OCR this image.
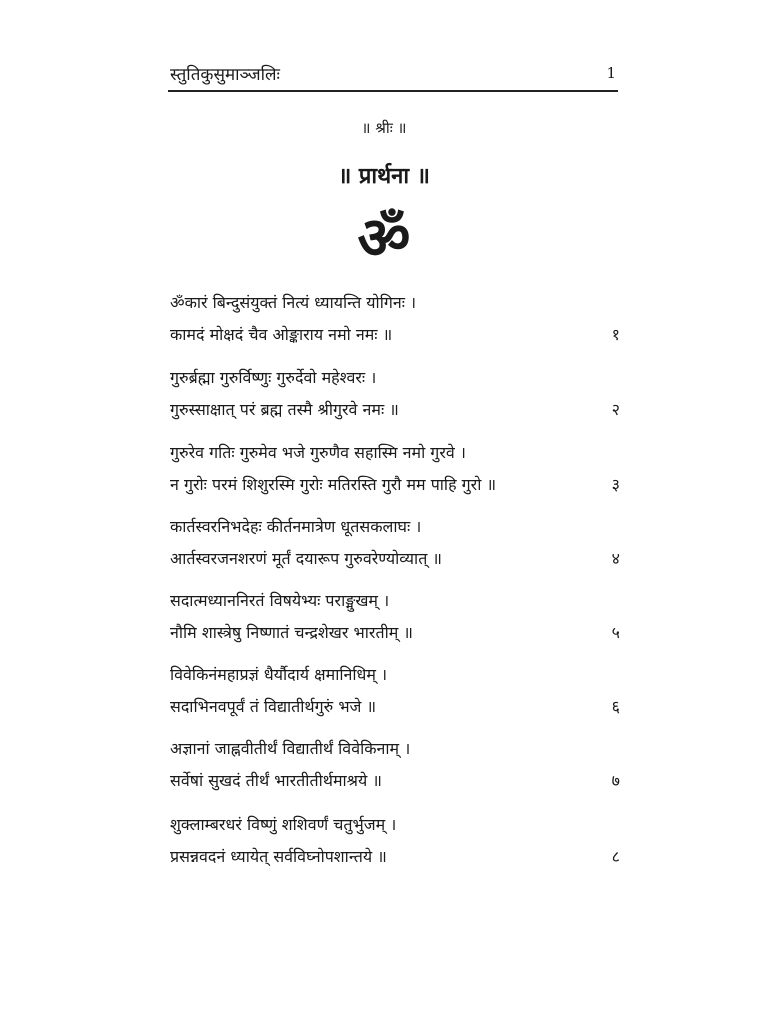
स्तुतिकुसुमाञ्जलिः	1
॥ श्रीः ॥
॥ प्रार्थना ॥
ॐ
ॐकारं बिन्दुसंयुक्तं नित्यं ध्यायन्ति योगिनः ।
कामदं मोक्षदं चैव ओङ्काराय नमो नमः ॥	१
गुरुर्ब्रह्मा गुरुर्विष्णुः गुरुर्देवो महेश्वरः ।
गुरुस्साक्षात् परं ब्रह्म तस्मै श्रीगुरवे नमः ॥	२
गुरुरेव गतिः गुरुमेव भजे गुरुणैव सहास्मि नमो गुरवे ।
न गुरोः परमं शिशुरस्मि गुरोः मतिरस्ति गुरौ मम पाहि गुरो ॥	३
कार्तस्वरनिभदेहः कीर्तनमात्रेण धूतसकलाघः ।
आर्तस्वरजनशरणं मूर्तं दयारूप गुरुवरेण्योव्यात् ॥	४
सदात्मध्याननिरतं विषयेभ्यः पराङ्मुखम् ।
नौमि शास्त्रेषु निष्णातं चन्द्रशेखर भारतीम् ॥	५
विवेकिनंमहाप्रज्ञं धैर्यौदार्य क्षमानिधिम् ।
सदाभिनवपूर्वं तं विद्यातीर्थगुरुं भजे ॥	६
अज्ञानां जाह्नवीतीर्थं विद्यातीर्थं विवेकिनाम् ।
सर्वेषां सुखदं तीर्थं भारतीतीर्थमाश्रये ॥	७
शुक्लाम्बरधरं विष्णुं शशिवर्णं चतुर्भुजम् ।
प्रसन्नवदनं ध्यायेत् सर्वविघ्नोपशान्तये ॥	८
